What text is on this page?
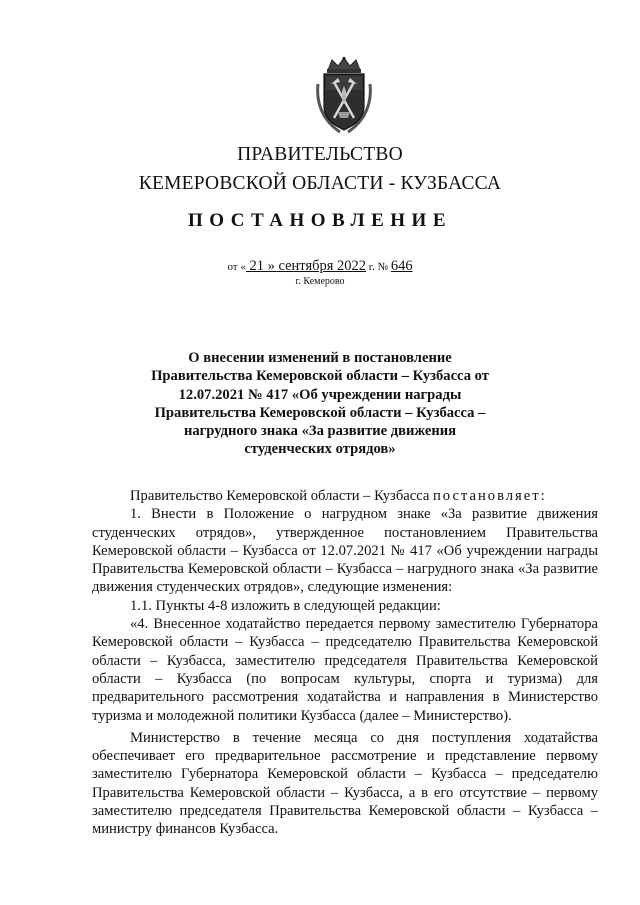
ПРАВИТЕЛЬСТВО
КЕМЕРОВСКОЙ ОБЛАСТИ - КУЗБАССА
ПОСТАНОВЛЕНИЕ
от « 21 » сентября 2022 г. № 646
г. Кемерово
О внесении изменений в постановление Правительства Кемеровской области – Кузбасса от 12.07.2021 № 417 «Об учреждении награды Правительства Кемеровской области – Кузбасса – нагрудного знака «За развитие движения студенческих отрядов»

Правительство Кемеровской области – Кузбасса постановляет:

1. Внести в Положение о нагрудном знаке «За развитие движения студенческих отрядов», утвержденное постановлением Правительства Кемеровской области – Кузбасса от 12.07.2021 № 417 «Об учреждении награды Правительства Кемеровской области – Кузбасса – нагрудного знака «За развитие движения студенческих отрядов», следующие изменения:

1.1. Пункты 4-8 изложить в следующей редакции:

«4. Внесенное ходатайство передается первому заместителю Губернатора Кемеровской области – Кузбасса – председателю Правительства Кемеровской области – Кузбасса, заместителю председателя Правительства Кемеровской области – Кузбасса (по вопросам культуры, спорта и туризма) для предварительного рассмотрения ходатайства и направления в Министерство туризма и молодежной политики Кузбасса (далее – Министерство).

Министерство в течение месяца со дня поступления ходатайства обеспечивает его предварительное рассмотрение и представление первому заместителю Губернатора Кемеровской области – Кузбасса – председателю Правительства Кемеровской области – Кузбасса, а в его отсутствие – первому заместителю председателя Правительства Кемеровской области – Кузбасса – министру финансов Кузбасса.
